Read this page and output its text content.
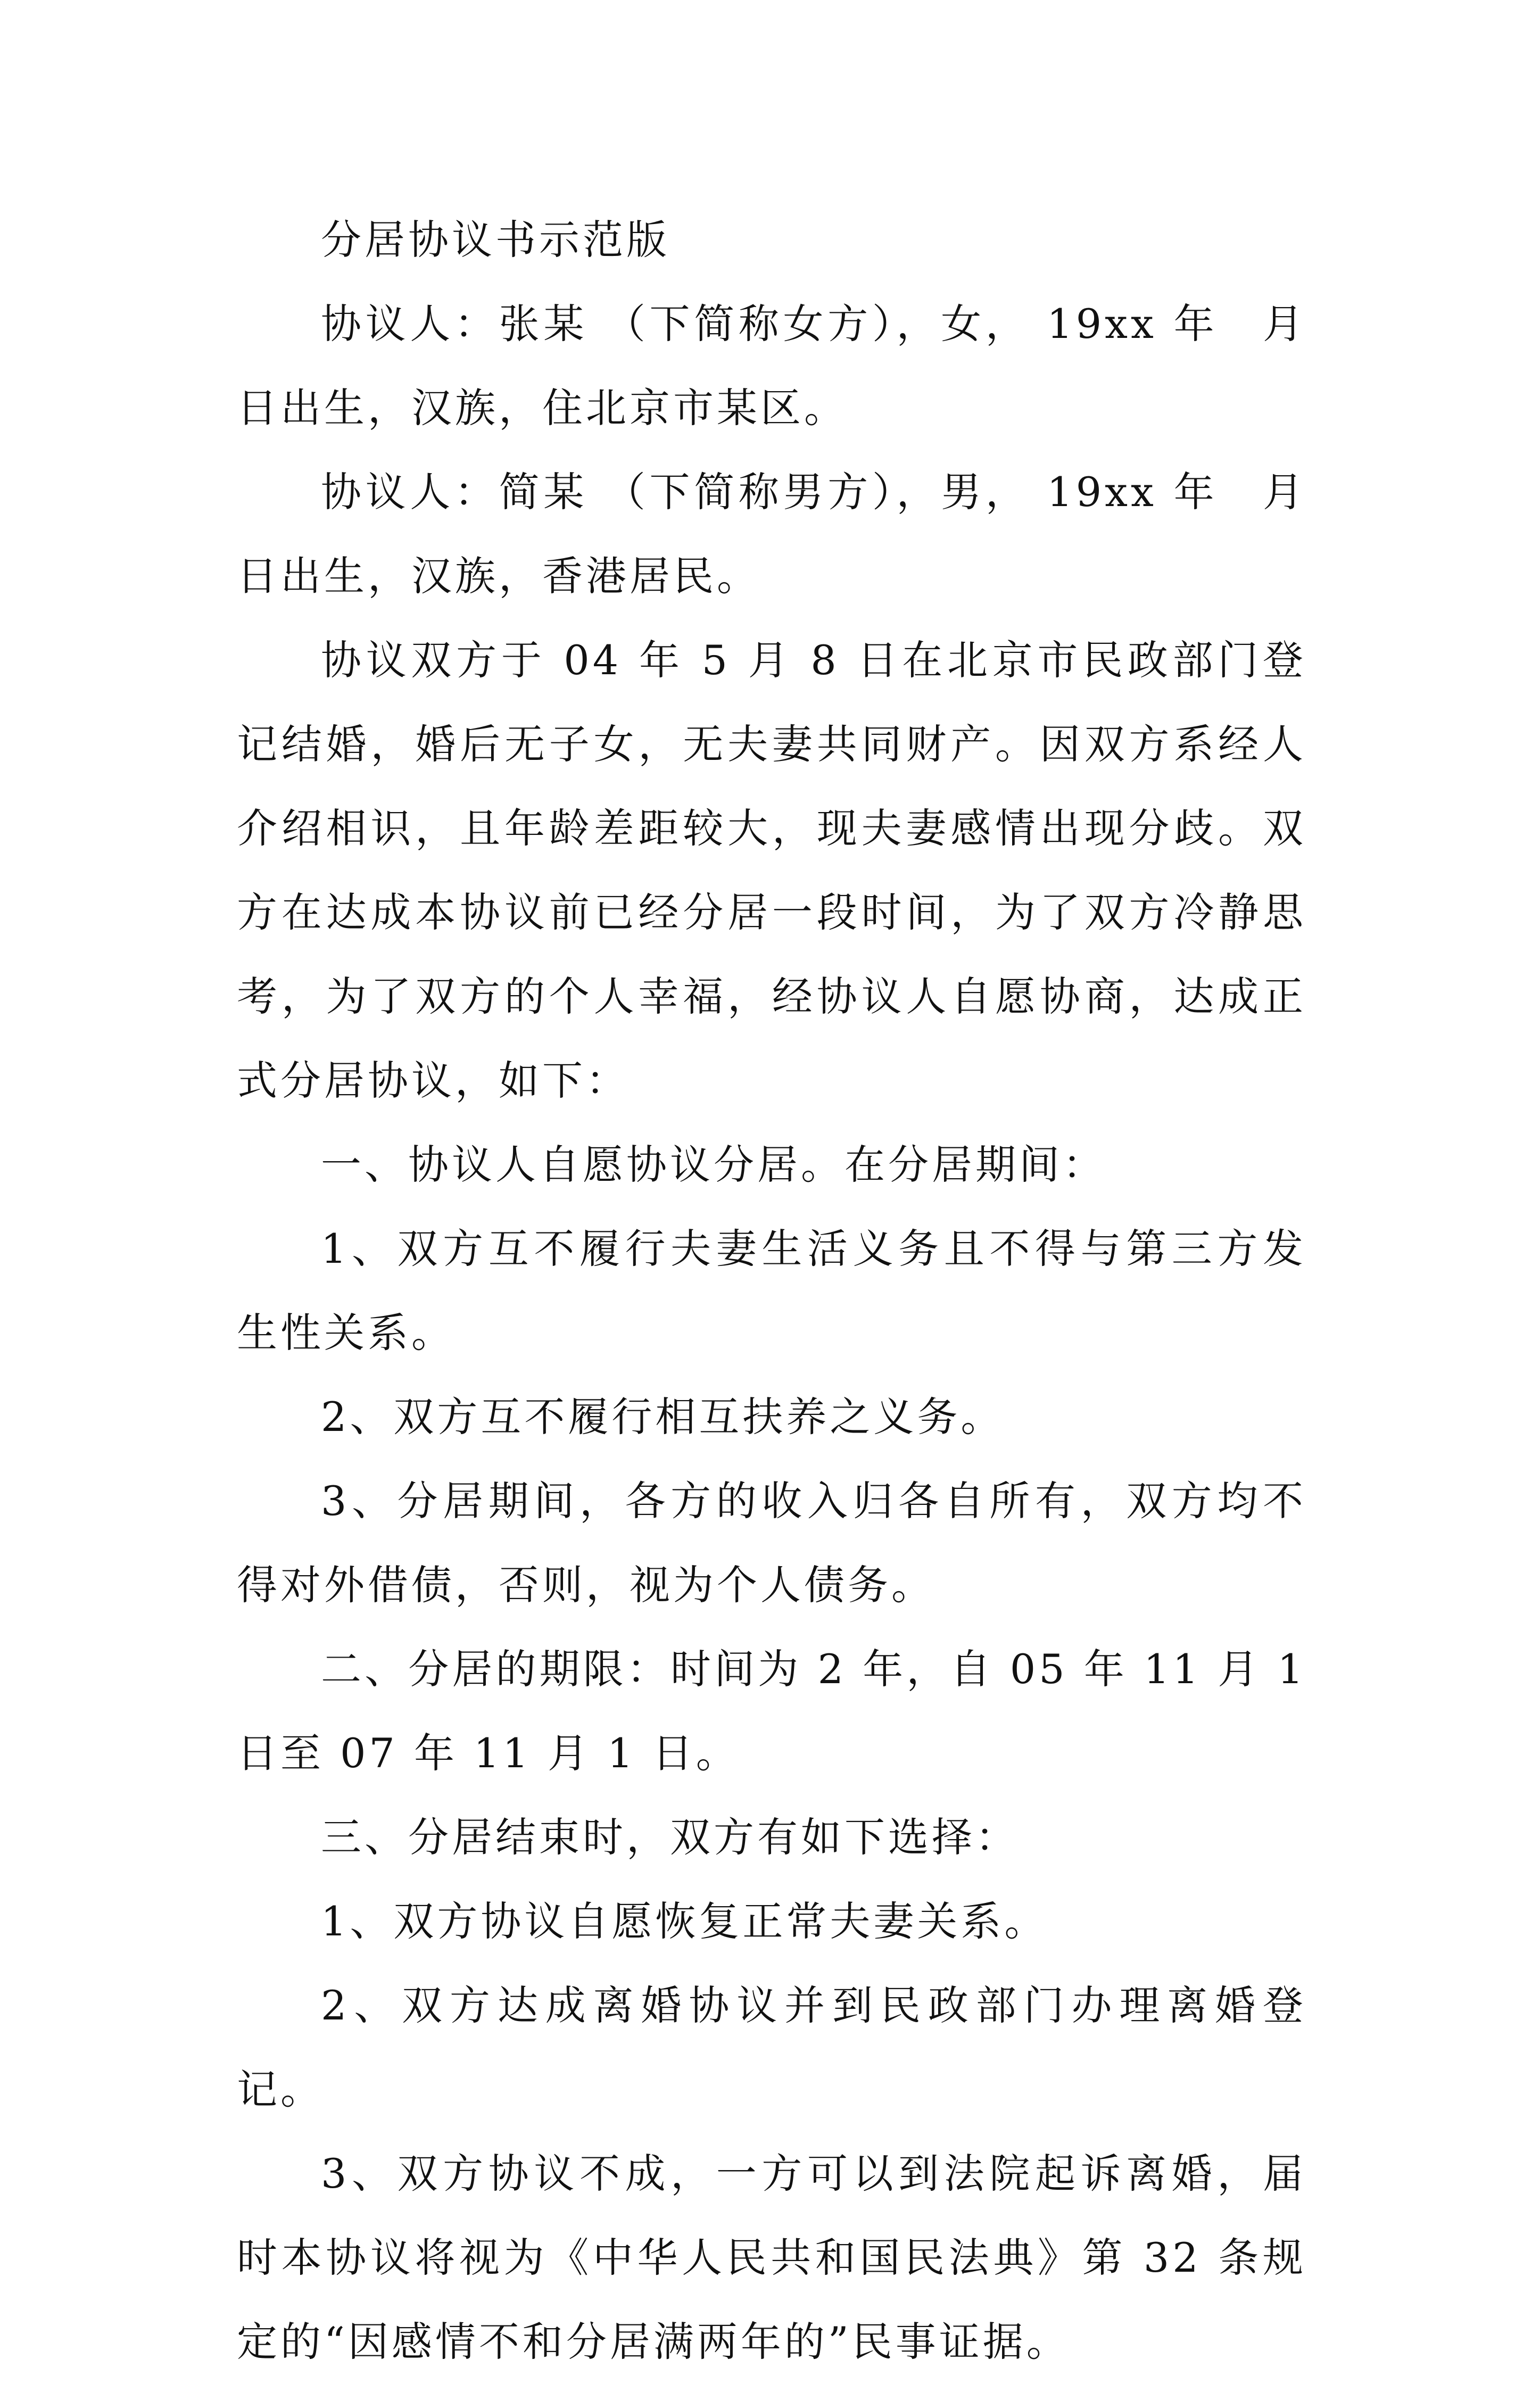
分居协议书示范版

协议人：张某 （下简称女方），女， 19xx 年　月　日出生，汉族，住北京市某区。

协议人：简某 （下简称男方），男， 19xx 年　月　日出生，汉族，香港居民。

协议双方于 04 年 5 月 8 日在北京市民政部门登记结婚，婚后无子女，无夫妻共同财产。因双方系经人介绍相识，且年龄差距较大，现夫妻感情出现分歧。双方在达成本协议前已经分居一段时间，为了双方冷静思考，为了双方的个人幸福，经协议人自愿协商，达成正式分居协议，如下：

一、协议人自愿协议分居。在分居期间：

1、双方互不履行夫妻生活义务且不得与第三方发生性关系。

2、双方互不履行相互扶养之义务。

3、分居期间，各方的收入归各自所有，双方均不得对外借债，否则，视为个人债务。

二、分居的期限：时间为 2 年，自 05 年 11 月 1 日至 07 年 11 月 1 日。

三、分居结束时，双方有如下选择：

1、双方协议自愿恢复正常夫妻关系。

2、双方达成离婚协议并到民政部门办理离婚登记。

3、双方协议不成，一方可以到法院起诉离婚，届时本协议将视为《中华人民共和国民法典》第 32 条规定的“因感情不和分居满两年的”民事证据。
